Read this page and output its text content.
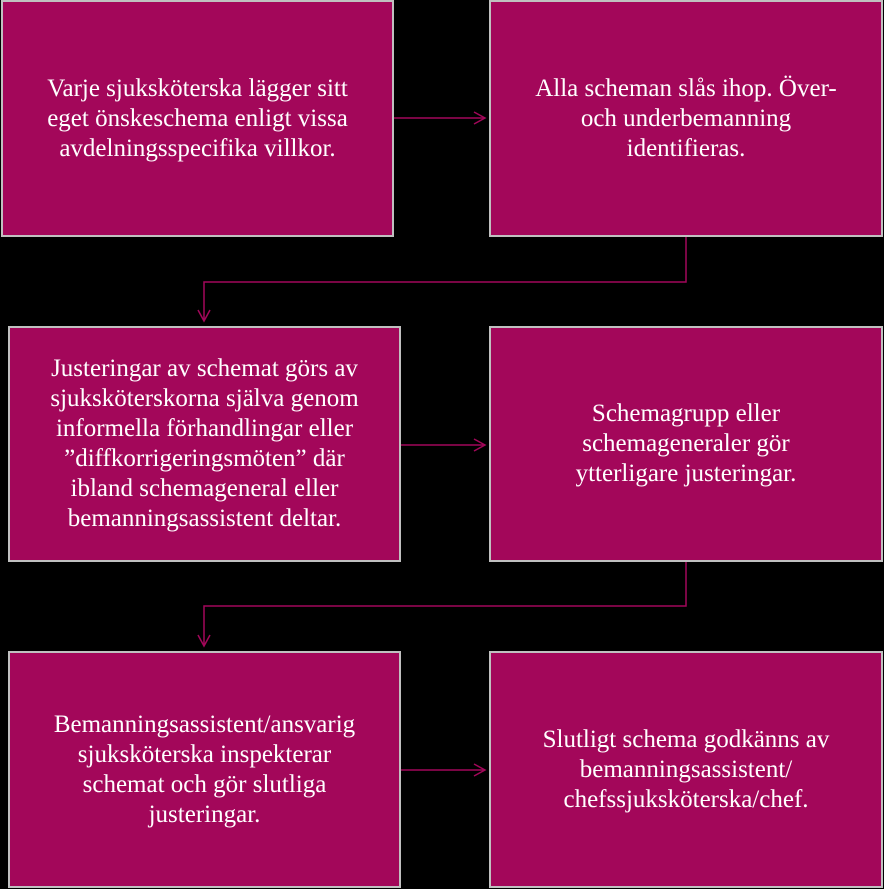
Varje sjuksköterska lägger sitt
eget önskeschema enligt vissa
avdelningsspecifika villkor.
Alla scheman slås ihop. Över-
och underbemanning
identifieras.
Justeringar av schemat görs av
sjuksköterskorna själva genom
informella förhandlingar eller
”diffkorrigeringsmöten” där
ibland schemageneral eller
bemanningsassistent deltar.
Schemagrupp eller
schemageneraler gör
ytterligare justeringar.
Bemanningsassistent/ansvarig
sjuksköterska inspekterar
schemat och gör slutliga
justeringar.
Slutligt schema godkänns av
bemanningsassistent/
chefssjuksköterska/chef.
